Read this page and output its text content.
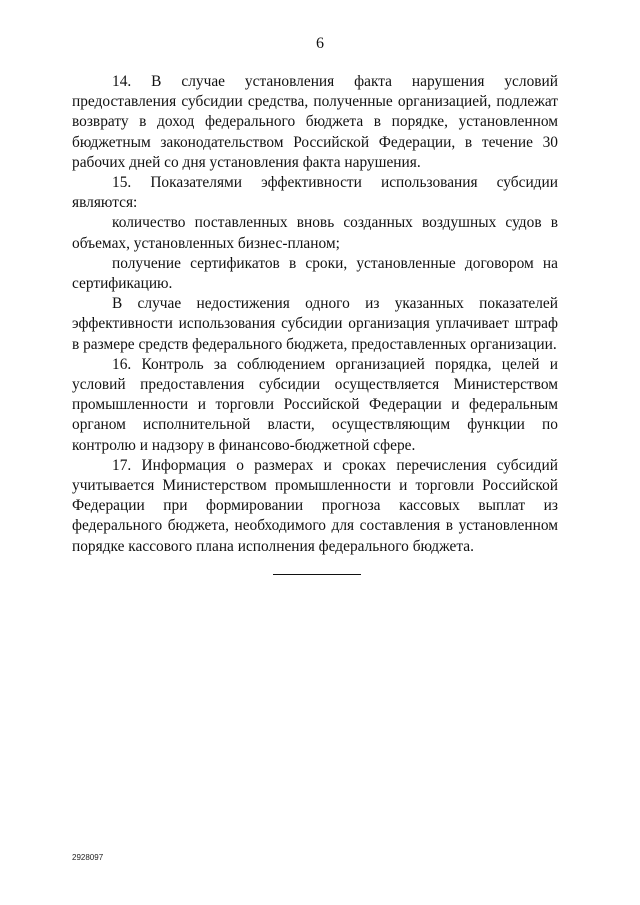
6

14. В случае установления факта нарушения условий предоставления субсидии средства, полученные организацией, подлежат возврату в доход федерального бюджета в порядке, установленном бюджетным законодательством Российской Федерации, в течение 30 рабочих дней со дня установления факта нарушения.

15. Показателями эффективности использования субсидии являются:

количество поставленных вновь созданных воздушных судов в объемах, установленных бизнес-планом;

получение сертификатов в сроки, установленные договором на сертификацию.

В случае недостижения одного из указанных показателей эффективности использования субсидии организация уплачивает штраф в размере средств федерального бюджета, предоставленных организации.

16. Контроль за соблюдением организацией порядка, целей и условий предоставления субсидии осуществляется Министерством промышленности и торговли Российской Федерации и федеральным органом исполнительной власти, осуществляющим функции по контролю и надзору в финансово-бюджетной сфере.

17. Информация о размерах и сроках перечисления субсидий учитывается Министерством промышленности и торговли Российской Федерации при формировании прогноза кассовых выплат из федерального бюджета, необходимого для составления в установленном порядке кассового плана исполнения федерального бюджета.

2928097
